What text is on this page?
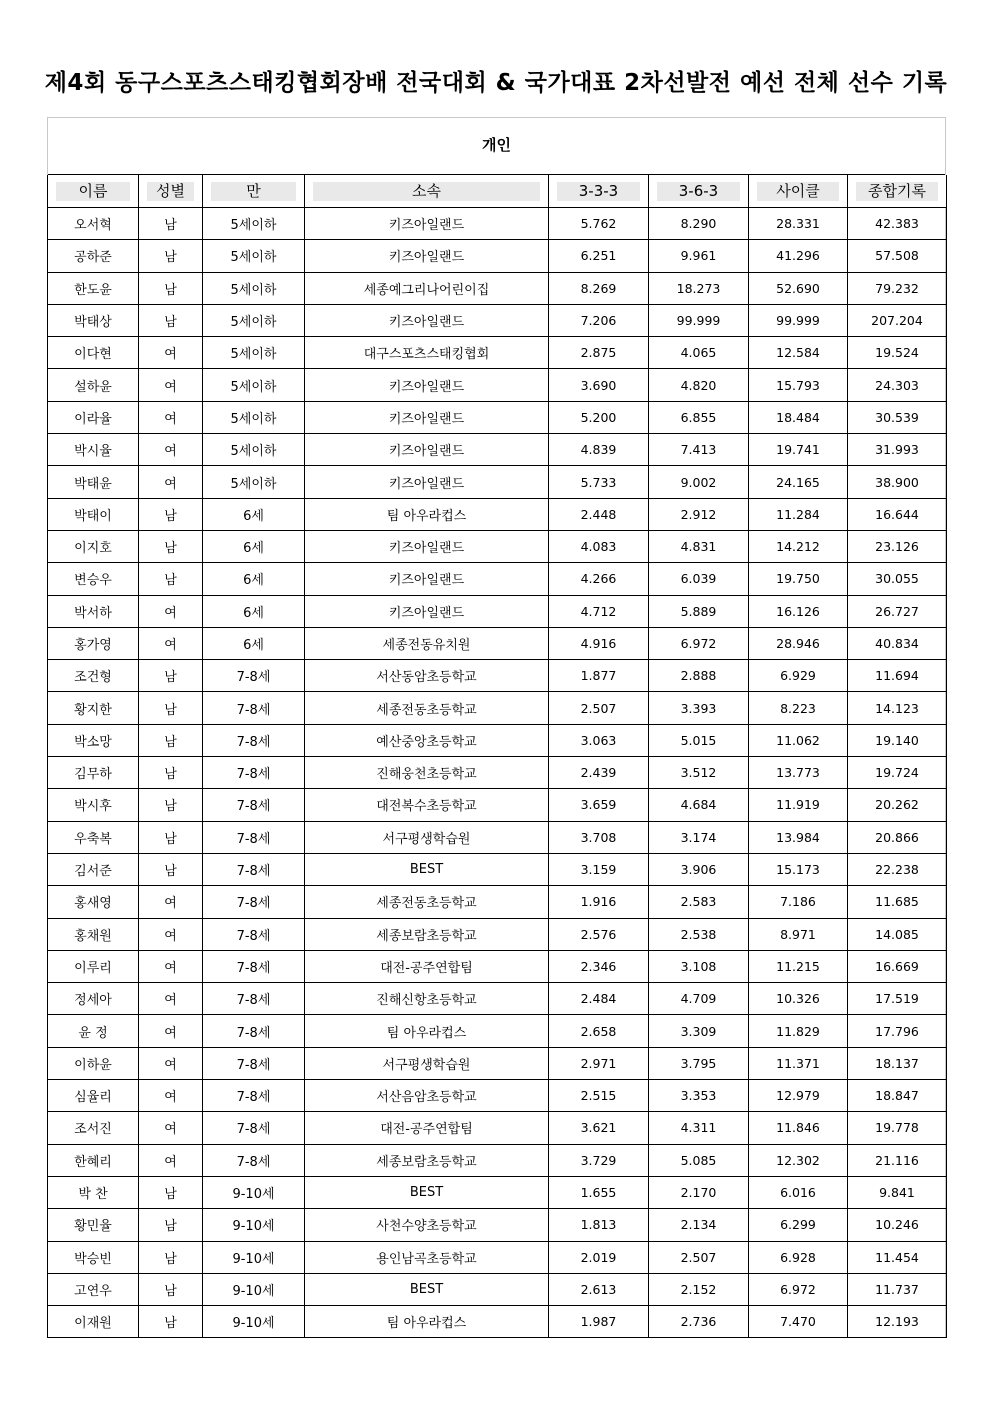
제4회 동구스포츠스태킹협회장배 전국대회 & 국가대표 2차선발전 예선 전체 선수 기록
개인
이름	성별	만	소속	3-3-3	3-6-3	사이클	종합기록

오서혁	남	5세이하	키즈아일랜드	5.762	8.290	28.331	42.383
공하준	남	5세이하	키즈아일랜드	6.251	9.961	41.296	57.508
한도윤	남	5세이하	세종예그리나어린이집	8.269	18.273	52.690	79.232
박태상	남	5세이하	키즈아일랜드	7.206	99.999	99.999	207.204
이다현	여	5세이하	대구스포츠스태킹협회	2.875	4.065	12.584	19.524
설하윤	여	5세이하	키즈아일랜드	3.690	4.820	15.793	24.303
이라율	여	5세이하	키즈아일랜드	5.200	6.855	18.484	30.539
박시율	여	5세이하	키즈아일랜드	4.839	7.413	19.741	31.993
박태윤	여	5세이하	키즈아일랜드	5.733	9.002	24.165	38.900
박태이	남	6세	팀 아우라컵스	2.448	2.912	11.284	16.644
이지호	남	6세	키즈아일랜드	4.083	4.831	14.212	23.126
변승우	남	6세	키즈아일랜드	4.266	6.039	19.750	30.055
박서하	여	6세	키즈아일랜드	4.712	5.889	16.126	26.727
홍가영	여	6세	세종전동유치원	4.916	6.972	28.946	40.834
조건형	남	7-8세	서산동암초등학교	1.877	2.888	6.929	11.694
황지한	남	7-8세	세종전동초등학교	2.507	3.393	8.223	14.123
박소망	남	7-8세	예산중앙초등학교	3.063	5.015	11.062	19.140
김무하	남	7-8세	진해웅천초등학교	2.439	3.512	13.773	19.724
박시후	남	7-8세	대전복수초등학교	3.659	4.684	11.919	20.262
우축복	남	7-8세	서구평생학습원	3.708	3.174	13.984	20.866
김서준	남	7-8세	BEST	3.159	3.906	15.173	22.238
홍새영	여	7-8세	세종전동초등학교	1.916	2.583	7.186	11.685
홍채원	여	7-8세	세종보람초등학교	2.576	2.538	8.971	14.085
이루리	여	7-8세	대전-공주연합팀	2.346	3.108	11.215	16.669
정세아	여	7-8세	진해신항초등학교	2.484	4.709	10.326	17.519
윤 정	여	7-8세	팀 아우라컵스	2.658	3.309	11.829	17.796
이하윤	여	7-8세	서구평생학습원	2.971	3.795	11.371	18.137
심율리	여	7-8세	서산음암초등학교	2.515	3.353	12.979	18.847
조서진	여	7-8세	대전-공주연합팀	3.621	4.311	11.846	19.778
한혜리	여	7-8세	세종보람초등학교	3.729	5.085	12.302	21.116
박 찬	남	9-10세	BEST	1.655	2.170	6.016	9.841
황민율	남	9-10세	사천수양초등학교	1.813	2.134	6.299	10.246
박승빈	남	9-10세	용인남곡초등학교	2.019	2.507	6.928	11.454
고연우	남	9-10세	BEST	2.613	2.152	6.972	11.737
이재원	남	9-10세	팀 아우라컵스	1.987	2.736	7.470	12.193
